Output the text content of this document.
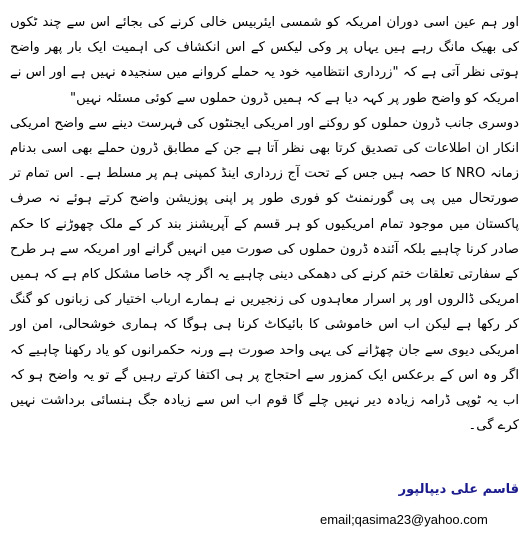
اور ہم عین اسی دوران امریکہ کو شمسی ایئربیس خالی کرنے کی بجائے اس سے چند ٹکوں کی بھیک مانگ رہے ہیں یہاں پر وکی لیکس کے اس انکشاف کی اہمیت ایک بار پھر واضح ہوتی نظر آتی ہے کہ "زرداری انتظامیہ خود یہ حملے کروانے میں سنجیدہ نہیں ہے اور اس نے امریکہ کو واضح طور پر کہہ دیا ہے کہ ہمیں ڈرون حملوں سے کوئی مسئلہ نہیں"

دوسری جانب ڈرون حملوں کو روکنے اور امریکی ایجنٹوں کی فہرست دینے سے واضح امریکی انکار ان اطلاعات کی تصدیق کرتا بھی نظر آتا ہے جن کے مطابق ڈرون حملے بھی اسی بدنام زمانہ NRO کا حصہ ہیں جس کے تحت آج زرداری اینڈ کمپنی ہم پر مسلط ہے۔ اس تمام تر صورتحال میں پی پی گورنمنٹ کو فوری طور پر اپنی پوزیشن واضح کرتے ہوئے نہ صرف پاکستان میں موجود تمام امریکیوں کو ہر قسم کے آپریشنز بند کر کے ملک چھوڑنے کا حکم صادر کرنا چاہیے بلکہ آئندہ ڈرون حملوں کی صورت میں انہیں گرانے اور امریکہ سے ہر طرح کے سفارتی تعلقات ختم کرنے کی دھمکی دینی چاہیے یہ اگر چہ خاصا مشکل کام ہے کہ ہمیں امریکی ڈالروں اور پر اسرار معاہدوں کی زنجیریں نے ہمارے ارباب اختیار کی زبانوں کو گنگ کر رکھا ہے لیکن اب اس خاموشی کا بائیکاٹ کرنا ہی ہوگا کہ ہماری خوشحالی، امن اور امریکی دیوی سے جان چھڑانے کی یہی واحد صورت ہے ورنہ حکمرانوں کو یاد رکھنا چاہیے کہ اگر وہ اس کے برعکس ایک کمزور سے احتجاج پر ہی اکتفا کرتے رہیں گے تو یہ واضح ہو کہ اب یہ ٹوپی ڈرامہ زیادہ دیر نہیں چلے گا قوم اب اس سے زیادہ جگ ہنسائی برداشت نہیں کرے گی۔

قاسم علی دیپالپور

email;qasima23@yahoo.com
